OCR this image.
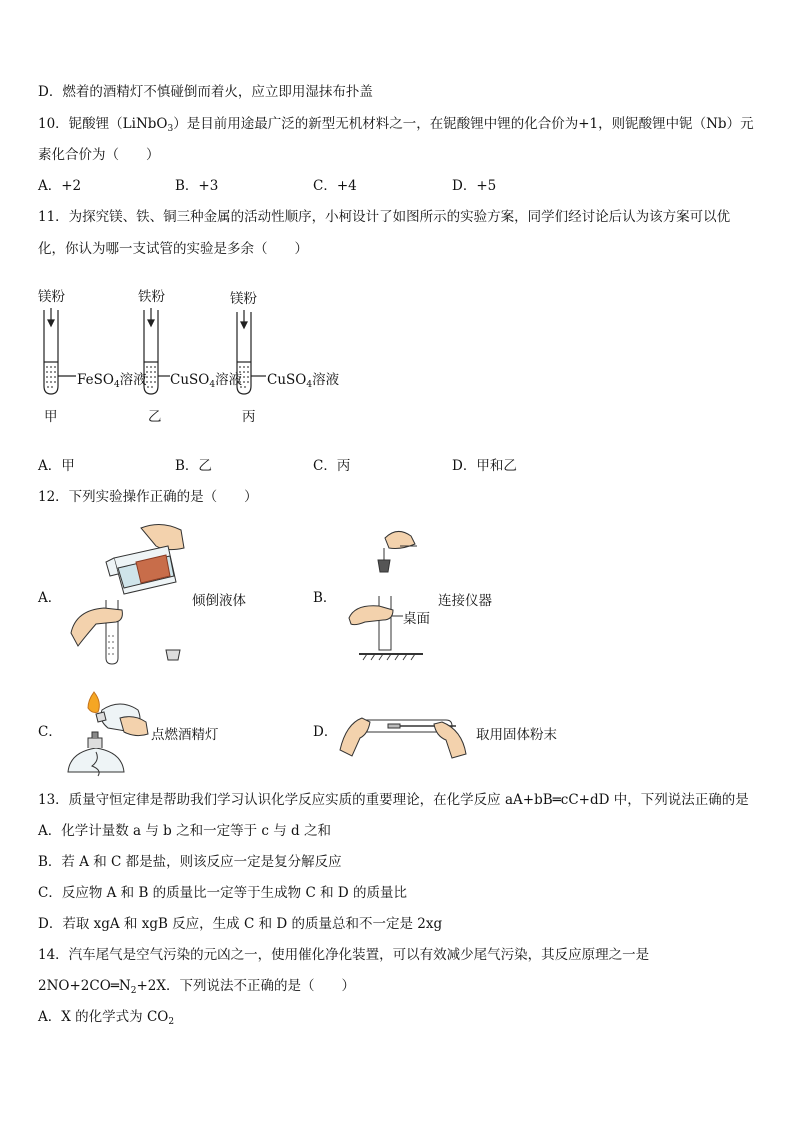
D．燃着的酒精灯不慎碰倒而着火，应立即用湿抹布扑盖
10．铌酸锂（LiNbO$_3$）是目前用途最广泛的新型无机材料之一，在铌酸锂中锂的化合价为+1，则铌酸锂中铌（Nb）元
素化合价为（　　）
A．+2	B．+3	C．+4	D．+5
11．为探究镁、铁、铜三种金属的活动性顺序，小柯设计了如图所示的实验方案，同学们经讨论后认为该方案可以优
化，你认为哪一支试管的实验是多余（　　）
镁粉	铁粉	镁粉
FeSO$_4$溶液 CuSO$_4$溶液 CuSO$_4$溶液
甲	乙	丙
A．甲	B．乙	C．丙	D．甲和乙
12．下列实验操作正确的是（　　）
A．	倾倒液体	B．
桌面
连接仪器
C．	点燃酒精灯	D．	取用固体粉末
13．质量守恒定律是帮助我们学习认识化学反应实质的重要理论，在化学反应 aA+bB═cC+dD 中，下列说法正确的是
A．化学计量数 a 与 b 之和一定等于 c 与 d 之和
B．若 A 和 C 都是盐，则该反应一定是复分解反应
C．反应物 A 和 B 的质量比一定等于生成物 C 和 D 的质量比
D．若取 xgA 和 xgB 反应，生成 C 和 D 的质量总和不一定是 2xg
14．汽车尾气是空气污染的元凶之一，使用催化净化装置，可以有效减少尾气污染，其反应原理之一是
$2NO+2CO═N_2+2X$．下列说法不正确的是（　　）
A．X 的化学式为 $CO_2$
